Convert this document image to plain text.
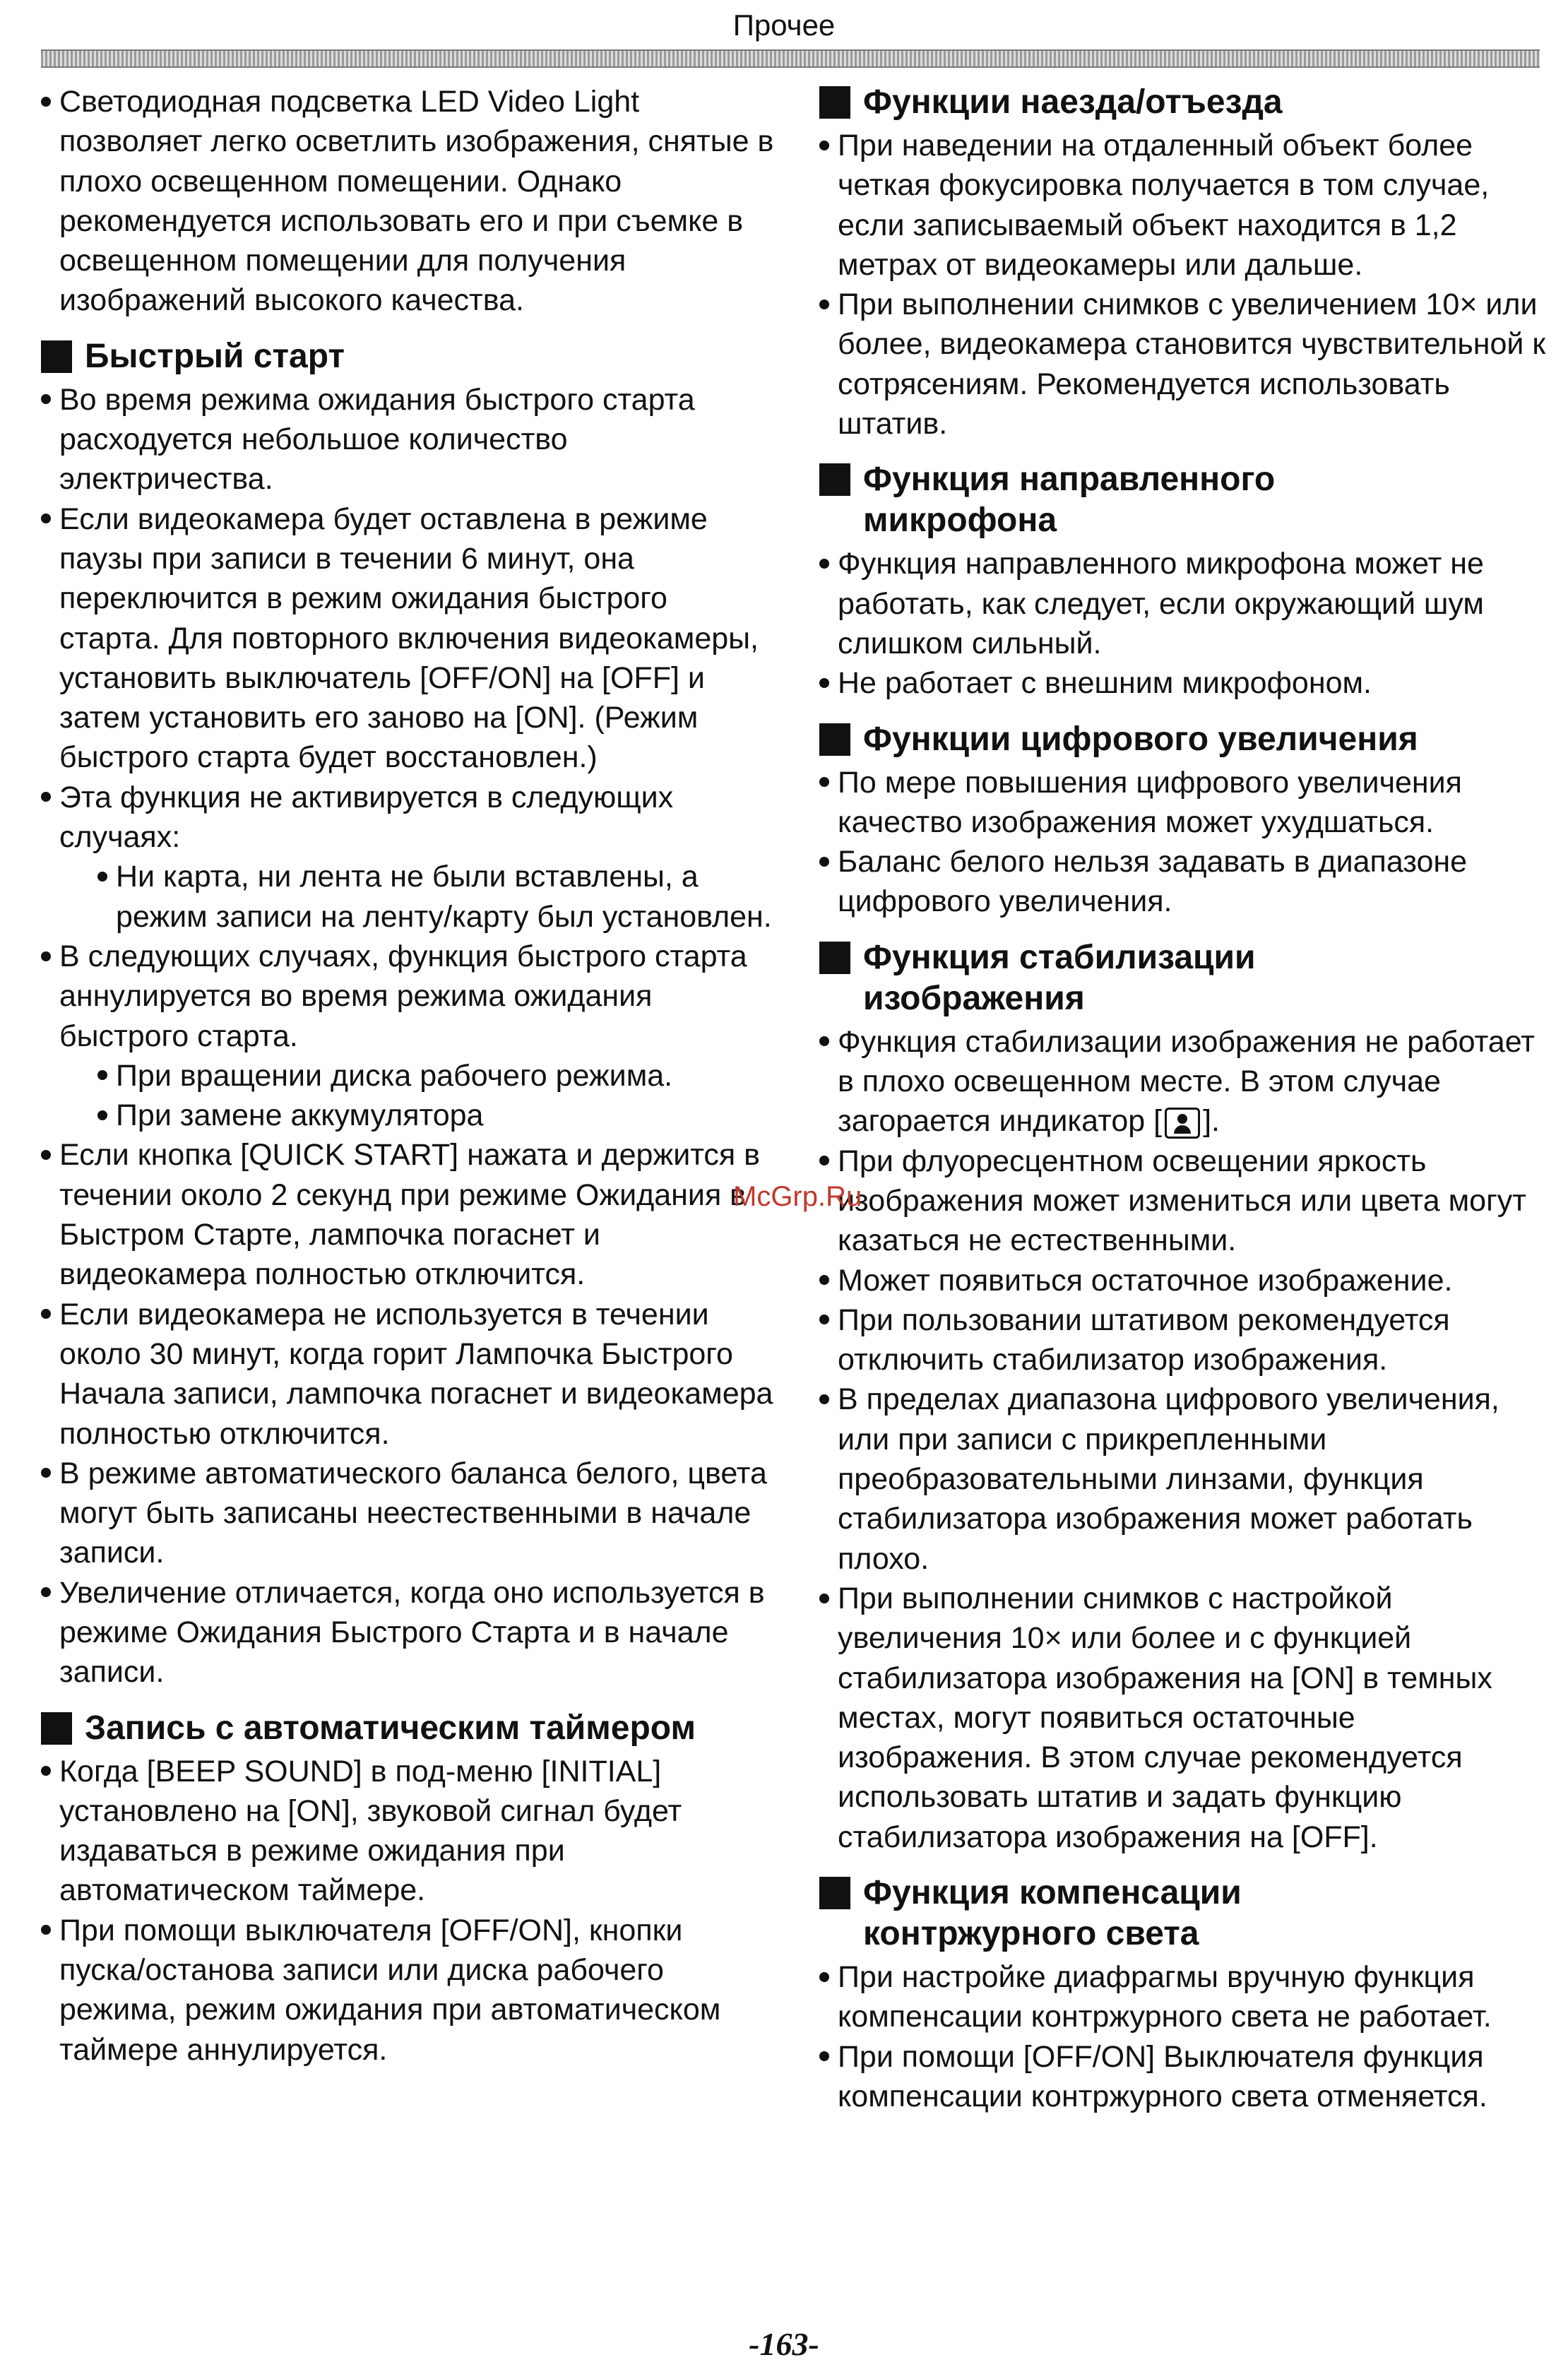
Прочее

Светодиодная подсветка LED Video Light позволяет легко осветлить изображения, снятые в плохо освещенном помещении. Однако рекомендуется использовать его и при съемке в освещенном помещении для получения изображений высокого качества.

Быстрый старт

Во время режима ожидания быстрого старта расходуется небольшое количество электричества.

Если видеокамера будет оставлена в режиме паузы при записи в течении 6 минут, она переключится в режим ожидания быстрого старта. Для повторного включения видеокамеры, установить выключатель [OFF/ON] на [OFF] и затем установить его заново на [ON]. (Режим быстрого старта будет восстановлен.)

Эта функция не активируется в следующих случаях:

Ни карта, ни лента не были вставлены, а режим записи на ленту/карту был установлен.

В следующих случаях, функция быстрого старта аннулируется во время режима ожидания быстрого старта.

При вращении диска рабочего режима.

При замене аккумулятора

Если кнопка [QUICK START] нажата и держится в течении около 2 секунд при режиме Ожидания в Быстром Старте, лампочка погаснет и видеокамера полностью отключится.

Если видеокамера не используется в течении около 30 минут, когда горит Лампочка Быстрого Начала записи, лампочка погаснет и видеокамера полностью отключится.

В режиме автоматического баланса белого, цвета могут быть записаны неестественными в начале записи.

Увеличение отличается, когда оно используется в режиме Ожидания Быстрого Старта и в начале записи.

Запись с автоматическим таймером

Когда [BEEP SOUND] в под-меню [INITIAL] установлено на [ON], звуковой сигнал будет издаваться в режиме ожидания при автоматическом таймере.

При помощи выключателя [OFF/ON], кнопки пуска/останова записи или диска рабочего режима, режим ожидания при автоматическом таймере аннулируется.

Функции наезда/отъезда

При наведении на отдаленный объект более четкая фокусировка получается в том случае, если записываемый объект находится в 1,2 метрах от видеокамеры или дальше.

При выполнении снимков с увеличением 10× или более, видеокамера становится чувствительной к сотрясениям. Рекомендуется использовать штатив.

Функция направленного
микрофона

Функция направленного микрофона может не работать, как следует, если окружающий шум слишком сильный.

Не работает с внешним микрофоном.

Функции цифрового увеличения

По мере повышения цифрового увеличения качество изображения может ухудшаться.

Баланс белого нельзя задавать в диапазоне цифрового увеличения.

Функция стабилизации
изображения

Функция стабилизации изображения не работает в плохо освещенном месте. В этом случае загорается индикатор [ ].

При флуоресцентном освещении яркость изображения может измениться или цвета могут казаться не естественными.

Может появиться остаточное изображение.

При пользовании штативом рекомендуется отключить стабилизатор изображения.

В пределах диапазона цифрового увеличения, или при записи с прикрепленными преобразовательными линзами, функция стабилизатора изображения может работать плохо.

При выполнении снимков с настройкой увеличения 10× или более и с функцией стабилизатора изображения на [ON] в темных местах, могут появиться остаточные изображения. В этом случае рекомендуется использовать штатив и задать функцию стабилизатора изображения на [OFF].

Функция компенсации
контржурного света

При настройке диафрагмы вручную функция компенсации контржурного света не работает.

При помощи [OFF/ON] Выключателя функция компенсации контржурного света отменяется.

McGrp.Ru
-163-
